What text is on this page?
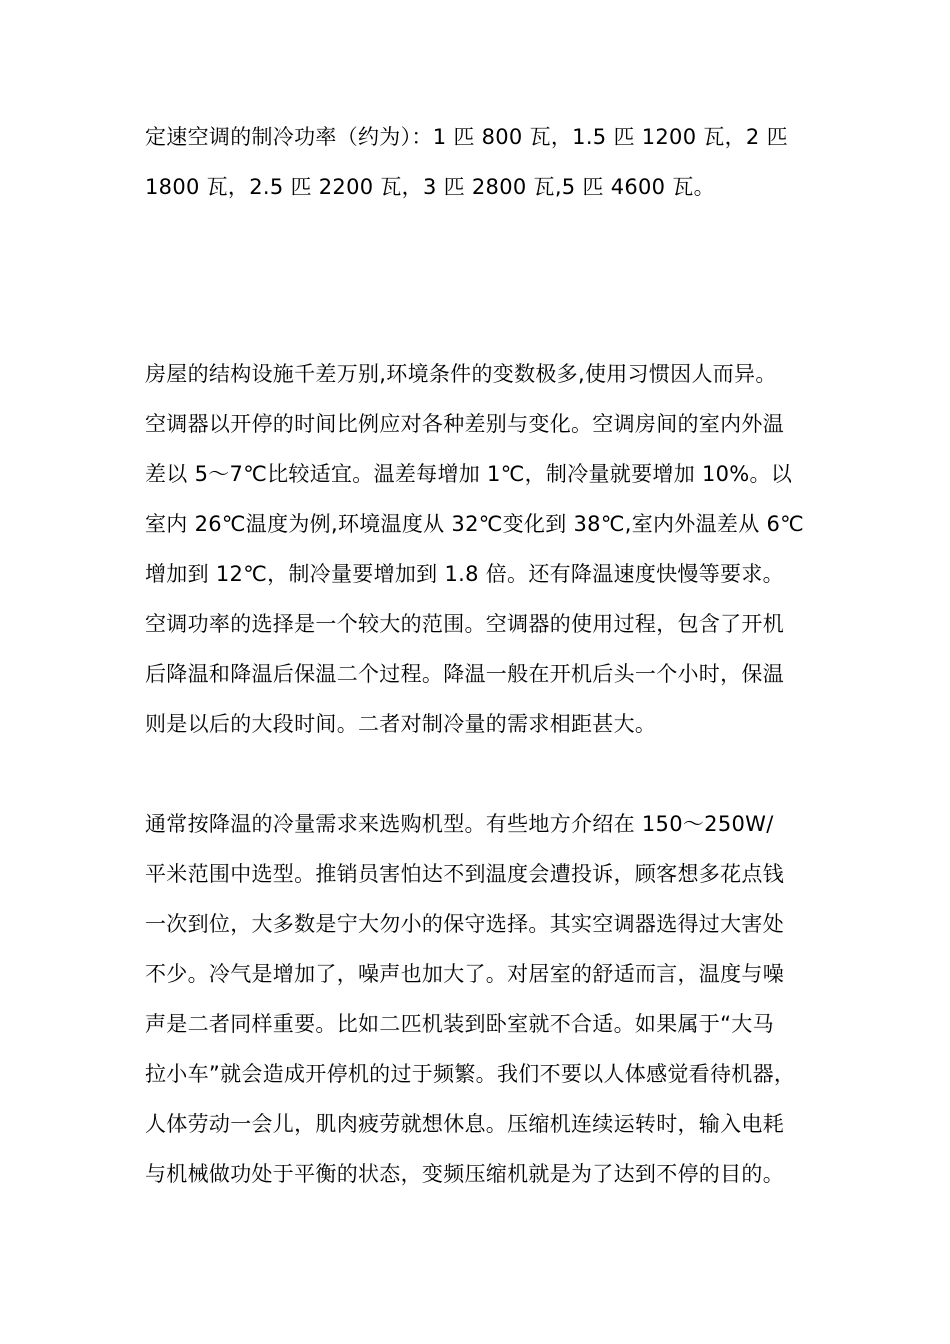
定速空调的制冷功率（约为）：1 匹 800 瓦，1.5 匹 1200 瓦，2 匹
1800 瓦，2.5 匹 2200 瓦，3 匹 2800 瓦,5 匹 4600 瓦。
房屋的结构设施千差万别,环境条件的变数极多,使用习惯因人而异。
空调器以开停的时间比例应对各种差别与变化。空调房间的室内外温
差以 5～7℃比较适宜。温差每增加 1℃，制冷量就要增加 10%。以
室内 26℃温度为例,环境温度从 32℃变化到 38℃,室内外温差从 6℃
增加到 12℃，制冷量要增加到 1.8 倍。还有降温速度快慢等要求。
空调功率的选择是一个较大的范围。空调器的使用过程，包含了开机
后降温和降温后保温二个过程。降温一般在开机后头一个小时，保温
则是以后的大段时间。二者对制冷量的需求相距甚大。
通常按降温的冷量需求来选购机型。有些地方介绍在 150～250W/
平米范围中选型。推销员害怕达不到温度会遭投诉，顾客想多花点钱
一次到位，大多数是宁大勿小的保守选择。其实空调器选得过大害处
不少。冷气是增加了，噪声也加大了。对居室的舒适而言，温度与噪
声是二者同样重要。比如二匹机装到卧室就不合适。如果属于“大马
拉小车”就会造成开停机的过于频繁。我们不要以人体感觉看待机器，
人体劳动一会儿，肌肉疲劳就想休息。压缩机连续运转时，输入电耗
与机械做功处于平衡的状态，变频压缩机就是为了达到不停的目的。
